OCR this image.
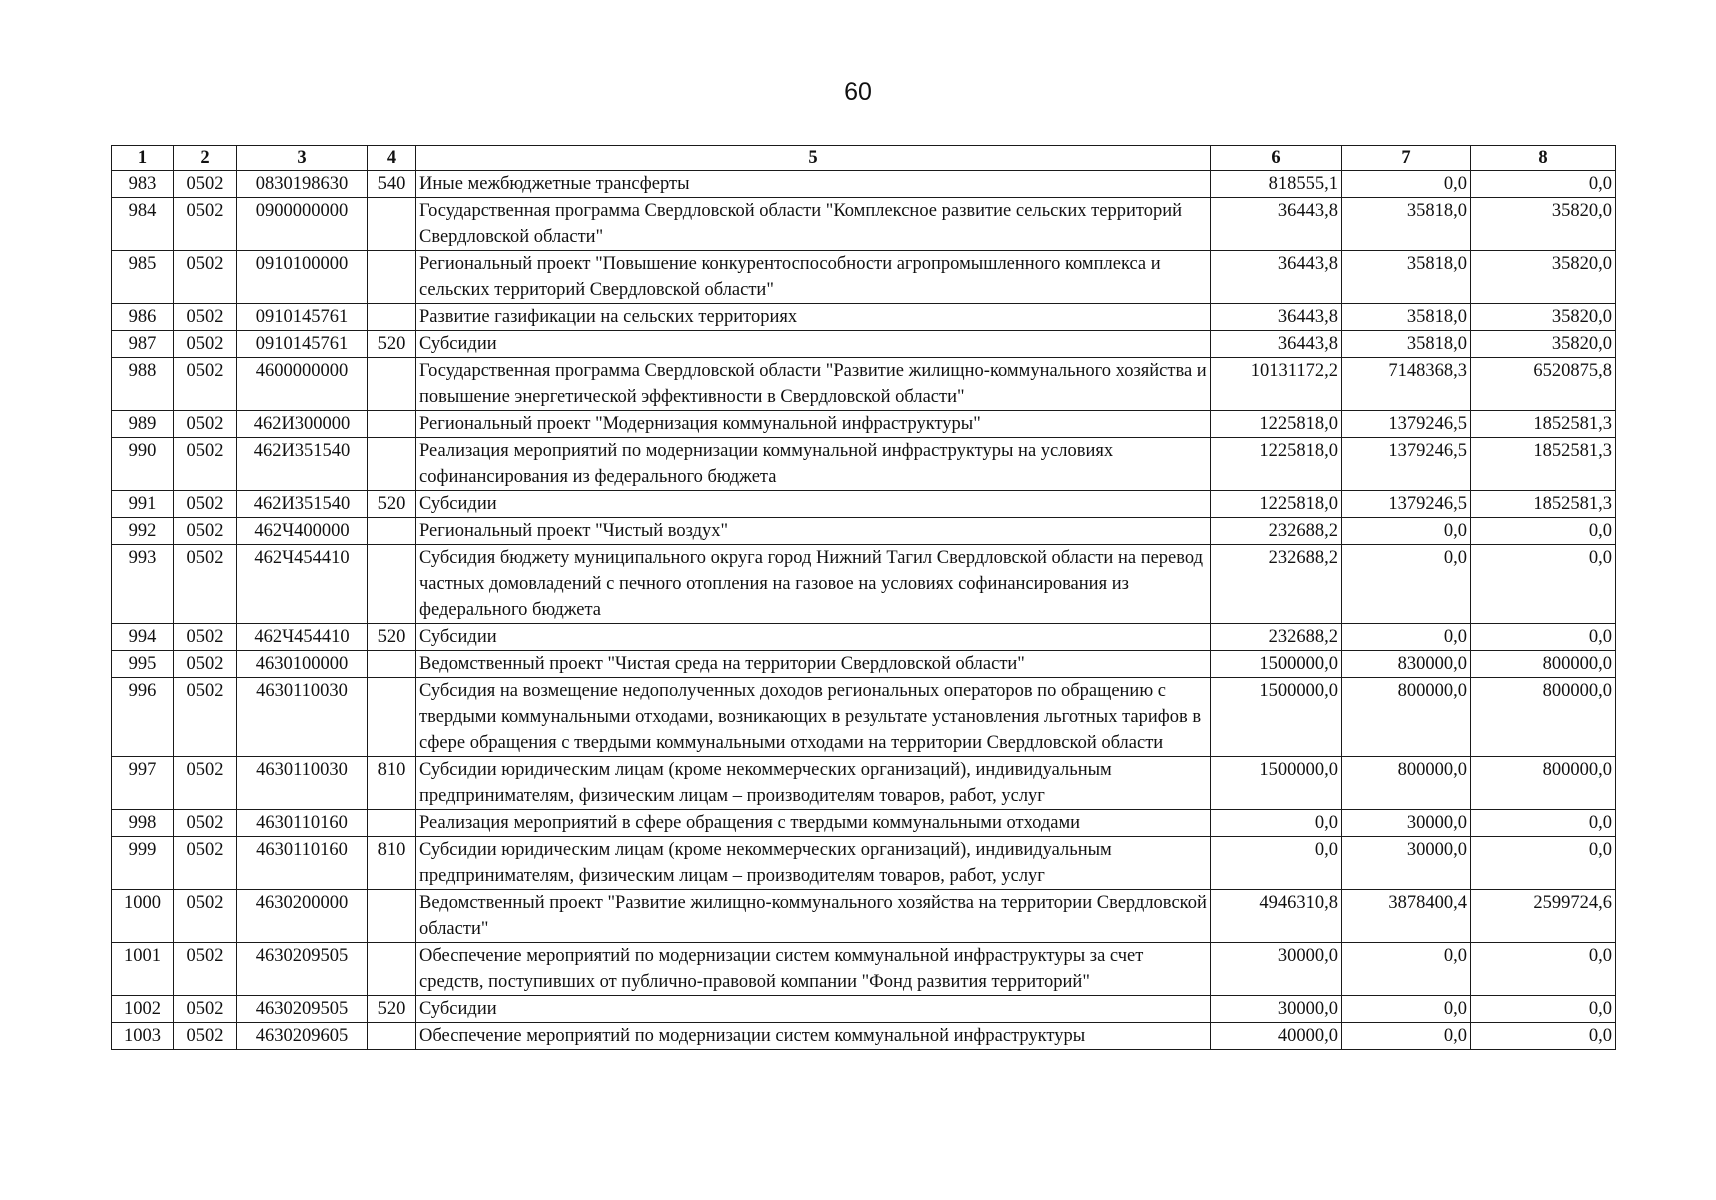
60
1	2	3	4	5	6	7	8
983	0502	0830198630	540	Иные межбюджетные трансферты	818555,1	0,0	0,0
984	0502	0900000000		Государственная программа Свердловской области "Комплексное развитие сельских территорий Свердловской области"	36443,8	35818,0	35820,0
985	0502	0910100000		Региональный проект "Повышение конкурентоспособности агропромышленного комплекса и сельских территорий Свердловской области"	36443,8	35818,0	35820,0
986	0502	0910145761		Развитие газификации на сельских территориях	36443,8	35818,0	35820,0
987	0502	0910145761	520	Субсидии	36443,8	35818,0	35820,0
988	0502	4600000000		Государственная программа Свердловской области "Развитие жилищно-коммунального хозяйства и повышение энергетической эффективности в Свердловской области"	10131172,2	7148368,3	6520875,8
989	0502	462И300000		Региональный проект "Модернизация коммунальной инфраструктуры"	1225818,0	1379246,5	1852581,3
990	0502	462И351540		Реализация мероприятий по модернизации коммунальной инфраструктуры на условиях софинансирования из федерального бюджета	1225818,0	1379246,5	1852581,3
991	0502	462И351540	520	Субсидии	1225818,0	1379246,5	1852581,3
992	0502	462Ч400000		Региональный проект "Чистый воздух"	232688,2	0,0	0,0
993	0502	462Ч454410		Субсидия бюджету муниципального округа город Нижний Тагил Свердловской области на перевод частных домовладений с печного отопления на газовое на условиях софинансирования из федерального бюджета	232688,2	0,0	0,0
994	0502	462Ч454410	520	Субсидии	232688,2	0,0	0,0
995	0502	4630100000		Ведомственный проект "Чистая среда на территории Свердловской области"	1500000,0	830000,0	800000,0
996	0502	4630110030		Субсидия на возмещение недополученных доходов региональных операторов по обращению с твердыми коммунальными отходами, возникающих в результате установления льготных тарифов в сфере обращения с твердыми коммунальными отходами на территории Свердловской области	1500000,0	800000,0	800000,0
997	0502	4630110030	810	Субсидии юридическим лицам (кроме некоммерческих организаций), индивидуальным предпринимателям, физическим лицам – производителям товаров, работ, услуг	1500000,0	800000,0	800000,0
998	0502	4630110160		Реализация мероприятий в сфере обращения с твердыми коммунальными отходами	0,0	30000,0	0,0
999	0502	4630110160	810	Субсидии юридическим лицам (кроме некоммерческих организаций), индивидуальным предпринимателям, физическим лицам – производителям товаров, работ, услуг	0,0	30000,0	0,0
1000	0502	4630200000		Ведомственный проект "Развитие жилищно-коммунального хозяйства на территории Свердловской области"	4946310,8	3878400,4	2599724,6
1001	0502	4630209505		Обеспечение мероприятий по модернизации систем коммунальной инфраструктуры за счет средств, поступивших от публично-правовой компании "Фонд развития территорий"	30000,0	0,0	0,0
1002	0502	4630209505	520	Субсидии	30000,0	0,0	0,0
1003	0502	4630209605		Обеспечение мероприятий по модернизации систем коммунальной инфраструктуры	40000,0	0,0	0,0
